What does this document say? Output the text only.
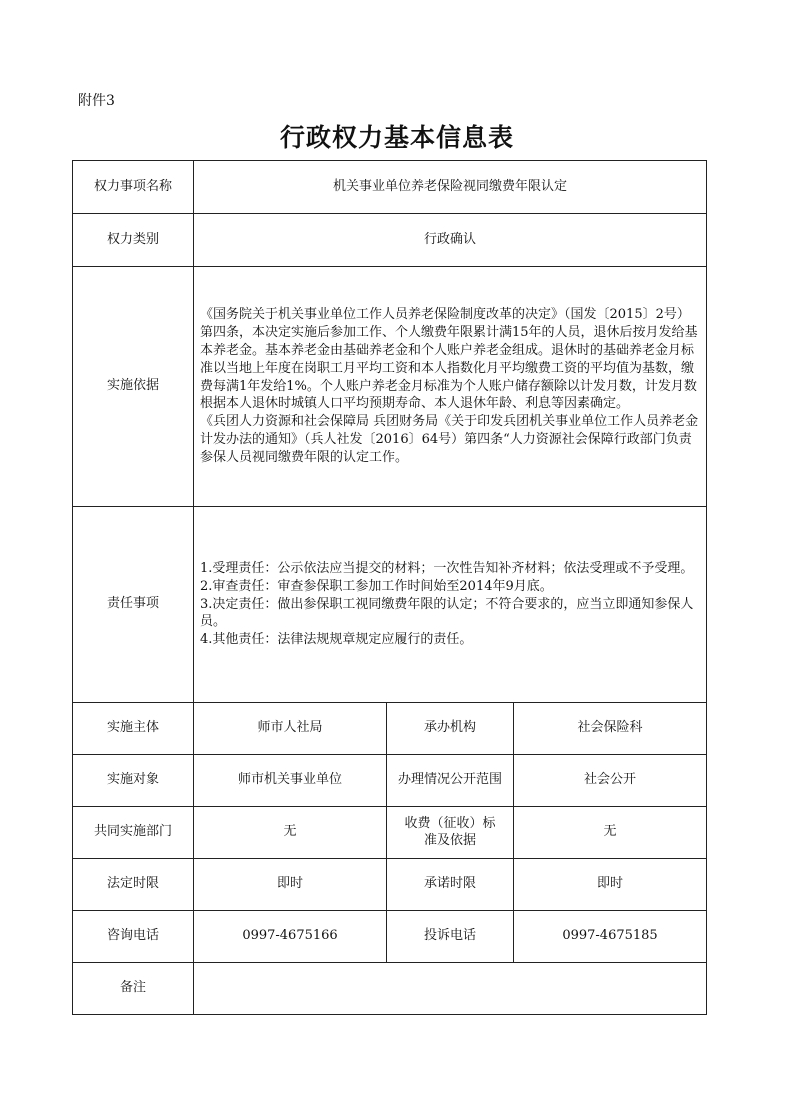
附件3
行政权力基本信息表
权力事项名称	机关事业单位养老保险视同缴费年限认定		
权力类别	行政确认		
实施依据	《国务院关于机关事业单位工作人员养老保险制度改革的决定》（国发〔2015〕2号）第四条，本决定实施后参加工作、个人缴费年限累计满15年的人员，退休后按月发给基本养老金。基本养老金由基础养老金和个人账户养老金组成。退休时的基础养老金月标准以当地上年度在岗职工月平均工资和本人指数化月平均缴费工资的平均值为基数，缴费每满1年发给1%。个人账户养老金月标准为个人账户储存额除以计发月数，计发月数根据本人退休时城镇人口平均预期寿命、本人退休年龄、利息等因素确定。

《兵团人力资源和社会保障局 兵团财务局《关于印发兵团机关事业单位工作人员养老金计发办法的通知》（兵人社发〔2016〕64号）第四条“人力资源社会保障行政部门负责参保人员视同缴费年限的认定工作。		

责任事项	1.受理责任：公示依法应当提交的材料；一次性告知补齐材料；依法受理或不予受理。

2.审查责任：审查参保职工参加工作时间始至2014年9月底。

3.决定责任：做出参保职工视同缴费年限的认定；不符合要求的，应当立即通知参保人员。

4.其他责任：法律法规规章规定应履行的责任。		

实施主体	师市人社局	承办机构	社会保险科
实施对象	师市机关事业单位	办理情况公开范围	社会公开
共同实施部门	无	收费（征收）标准及依据	无
法定时限	即时	承诺时限	即时
咨询电话	0997-4675166	投诉电话	0997-4675185
备注			
